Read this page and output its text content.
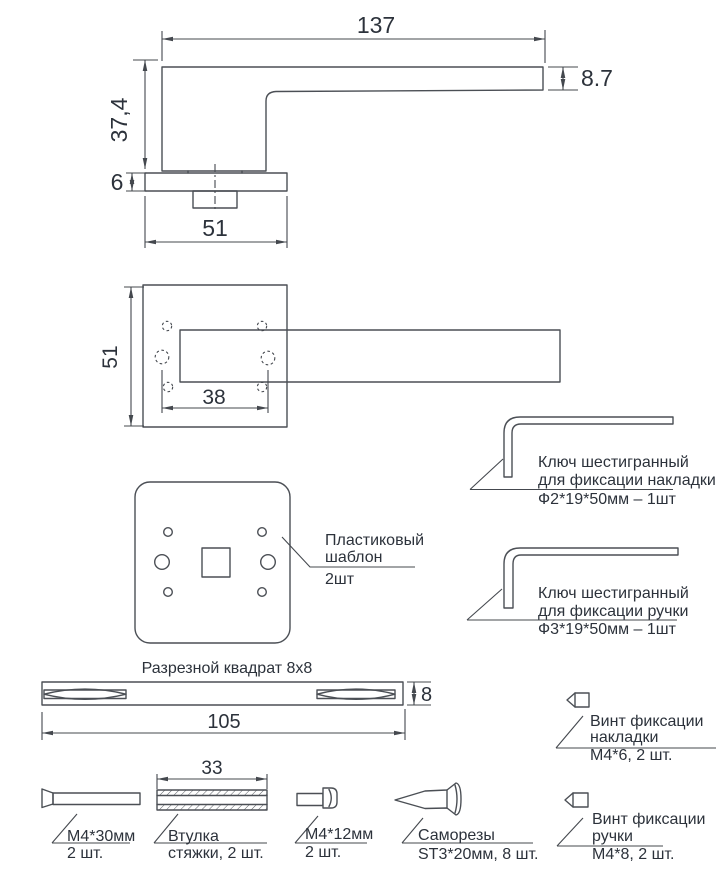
137
37,4
6
51
8.7
51
38
Пластиковый
шаблон
2шт
Ключ шестигранный
для фиксации накладки
Ф2*19*50мм – 1шт
Ключ шестигранный
для фиксации ручки
Ф3*19*50мм – 1шт
Разрезной квадрат 8x8
8
105	Винт фиксации
накладки
М4*6, 2 шт.
М4*30мм
2 шт.
33
Втулка
стяжки, 2 шт.
М4*12мм
2 шт.
Саморезы
ST3*20мм, 8 шт.
Винт фиксации
ручки
М4*8, 2 шт.
